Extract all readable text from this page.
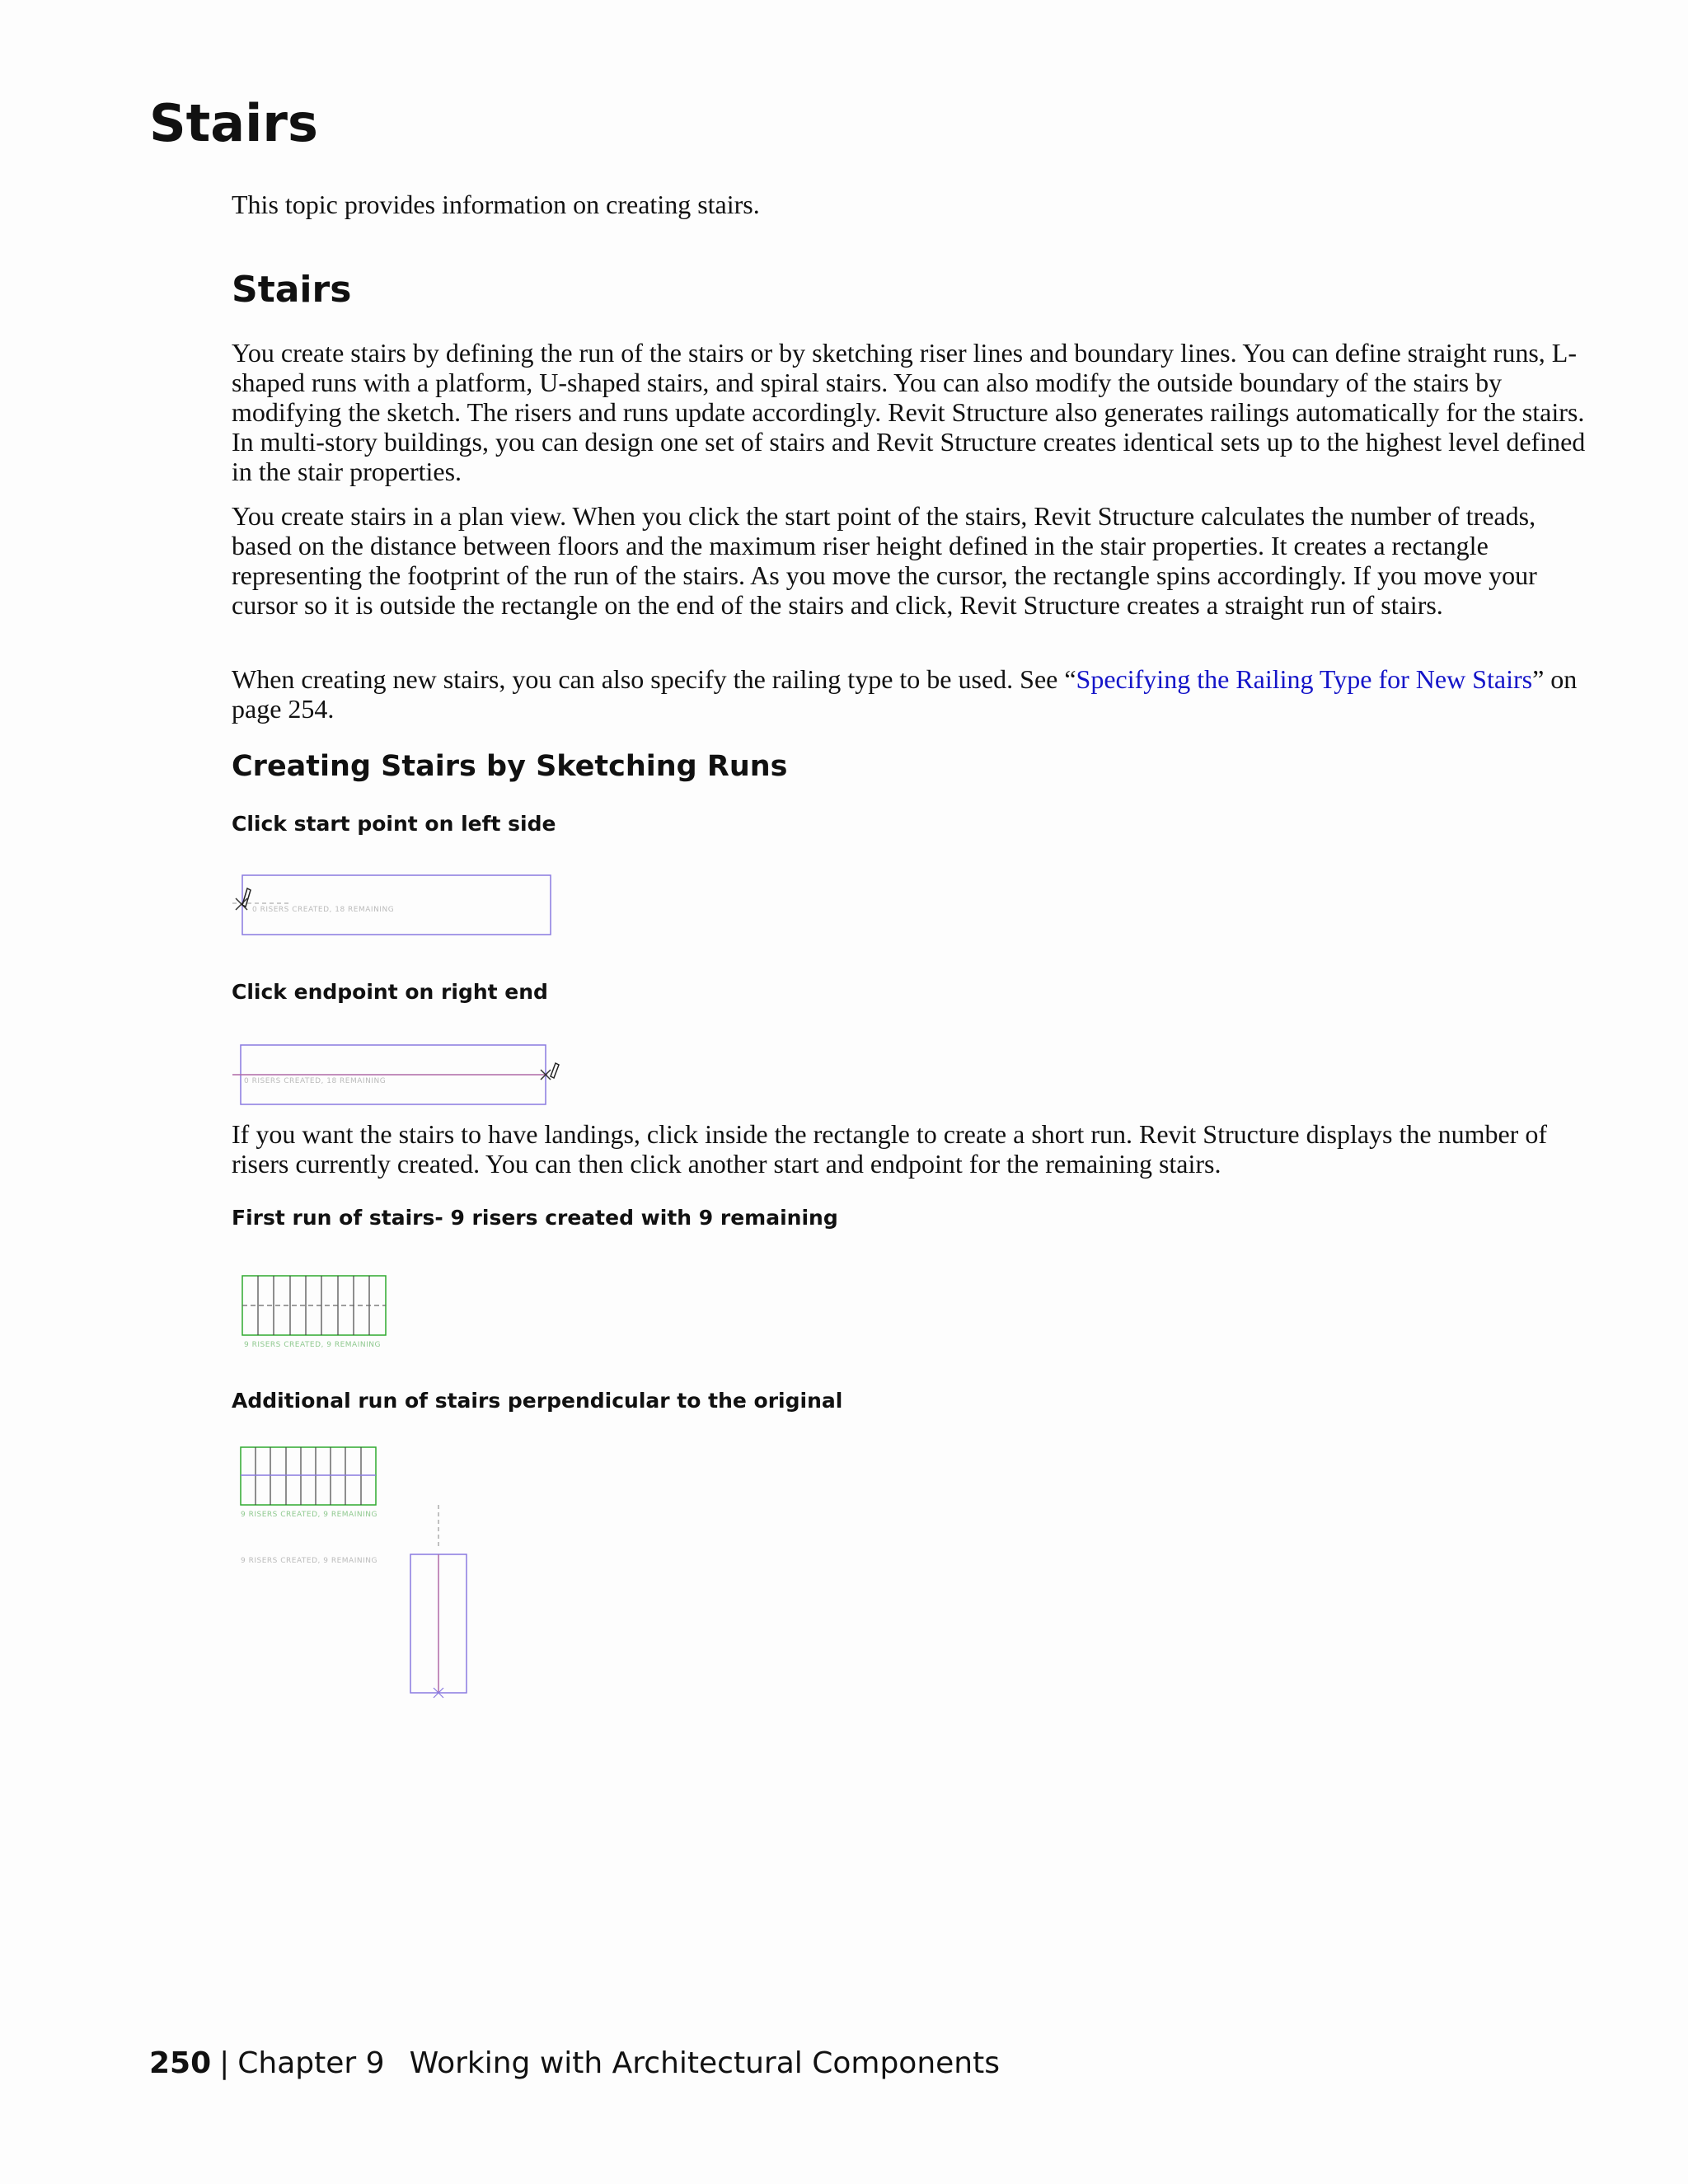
Stairs

This topic provides information on creating stairs.

Stairs

You create stairs by defining the run of the stairs or by sketching riser lines and boundary lines. You can define straight runs, L-shaped runs with a platform, U-shaped stairs, and spiral stairs. You can also modify the outside boundary of the stairs by modifying the sketch. The risers and runs update accordingly. Revit Structure also generates railings automatically for the stairs. In multi-story buildings, you can design one set of stairs and Revit Structure creates identical sets up to the highest level defined in the stair properties.

You create stairs in a plan view. When you click the start point of the stairs, Revit Structure calculates the number of treads, based on the distance between floors and the maximum riser height defined in the stair properties. It creates a rectangle representing the footprint of the run of the stairs. As you move the cursor, the rectangle spins accordingly. If you move your cursor so it is outside the rectangle on the end of the stairs and click, Revit Structure creates a straight run of stairs.

When creating new stairs, you can also specify the railing type to be used. See “Specifying the Railing Type for New Stairs” on page 254.

Creating Stairs by Sketching Runs

Click start point on left side

0 RISERS CREATED, 18 REMAINING

Click endpoint on right end

0 RISERS CREATED, 18 REMAINING

If you want the stairs to have landings, click inside the rectangle to create a short run. Revit Structure displays the number of risers currently created. You can then click another start and endpoint for the remaining stairs.

First run of stairs- 9 risers created with 9 remaining

9 RISERS CREATED, 9 REMAINING

Additional run of stairs perpendicular to the original

9 RISERS CREATED, 9 REMAINING
9 RISERS CREATED, 9 REMAINING

250 | Chapter 9 Working with Architectural Components
